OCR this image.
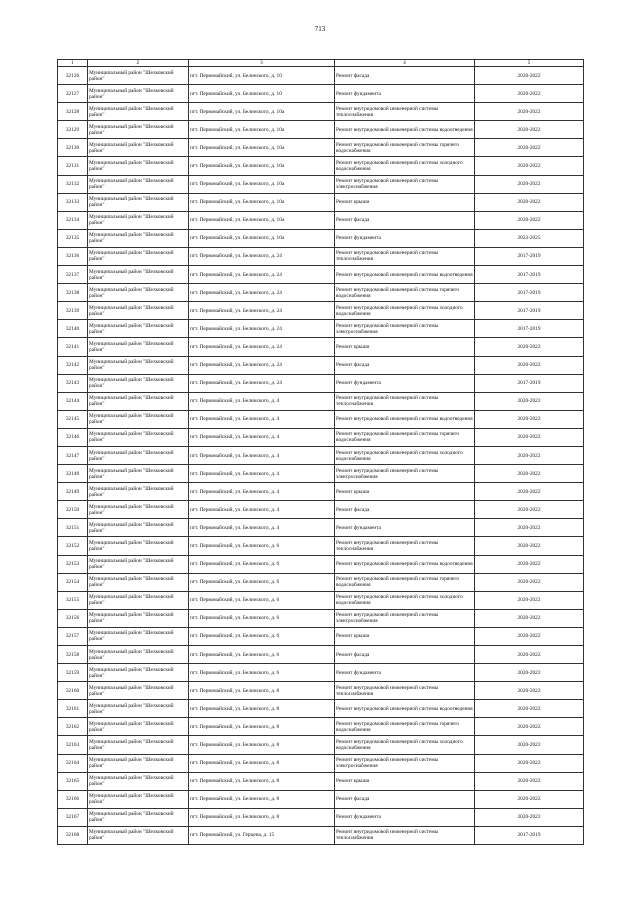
713
1	2	3	4	5
32126	Муниципальный район "Шелковский район"	пгт. Первомайский, ул. Белинского, д. 10	Ремонт фасада	2020-2022
32127	Муниципальный район "Шелковский район"	пгт. Первомайский, ул. Белинского, д. 10	Ремонт фундамента	2020-2022
32128	Муниципальный район "Шелковский район"	пгт. Первомайский, ул. Белинского, д. 10а	Ремонт внутридомовой инженерной системы теплоснабжения	2020-2022
32129	Муниципальный район "Шелковский район"	пгт. Первомайский, ул. Белинского, д. 10а	Ремонт внутридомовой инженерной системы водоотведения	2020-2022
32130	Муниципальный район "Шелковский район"	пгт. Первомайский, ул. Белинского, д. 10а	Ремонт внутридомовой инженерной системы горячего водоснабжения	2020-2022
32131	Муниципальный район "Шелковский район"	пгт. Первомайский, ул. Белинского, д. 10а	Ремонт внутридомовой инженерной системы холодного водоснабжения	2020-2022
32132	Муниципальный район "Шелковский район"	пгт. Первомайский, ул. Белинского, д. 10а	Ремонт внутридомовой инженерной системы электроснабжения	2020-2022
32133	Муниципальный район "Шелковский район"	пгт. Первомайский, ул. Белинского, д. 10а	Ремонт крыши	2020-2022
32134	Муниципальный район "Шелковский район"	пгт. Первомайский, ул. Белинского, д. 10а	Ремонт фасада	2020-2022
32135	Муниципальный район "Шелковский район"	пгт. Первомайский, ул. Белинского, д. 10а	Ремонт фундамента	2023-2025
32136	Муниципальный район "Шелковский район"	пгт. Первомайский, ул. Белинского, д. 24	Ремонт внутридомовой инженерной системы теплоснабжения	2017-2019
32137	Муниципальный район "Шелковский район"	пгт. Первомайский, ул. Белинского, д. 24	Ремонт внутридомовой инженерной системы водоотведения	2017-2019
32138	Муниципальный район "Шелковский район"	пгт. Первомайский, ул. Белинского, д. 24	Ремонт внутридомовой инженерной системы горячего водоснабжения	2017-2019
32139	Муниципальный район "Шелковский район"	пгт. Первомайский, ул. Белинского, д. 24	Ремонт внутридомовой инженерной системы холодного водоснабжения	2017-2019
32140	Муниципальный район "Шелковский район"	пгт. Первомайский, ул. Белинского, д. 24	Ремонт внутридомовой инженерной системы электроснабжения	2017-2019
32141	Муниципальный район "Шелковский район"	пгт. Первомайский, ул. Белинского, д. 24	Ремонт крыши	2020-2022
32142	Муниципальный район "Шелковский район"	пгт. Первомайский, ул. Белинского, д. 24	Ремонт фасада	2020-2022
32143	Муниципальный район "Шелковский район"	пгт. Первомайский, ул. Белинского, д. 24	Ремонт фундамента	2017-2019
32144	Муниципальный район "Шелковский район"	пгт. Первомайский, ул. Белинского, д. 4	Ремонт внутридомовой инженерной системы теплоснабжения	2020-2022
32145	Муниципальный район "Шелковский район"	пгт. Первомайский, ул. Белинского, д. 4	Ремонт внутридомовой инженерной системы водоотведения	2020-2022
32146	Муниципальный район "Шелковский район"	пгт. Первомайский, ул. Белинского, д. 4	Ремонт внутридомовой инженерной системы горячего водоснабжения	2020-2022
32147	Муниципальный район "Шелковский район"	пгт. Первомайский, ул. Белинского, д. 4	Ремонт внутридомовой инженерной системы холодного водоснабжения	2020-2022
32148	Муниципальный район "Шелковский район"	пгт. Первомайский, ул. Белинского, д. 4	Ремонт внутридомовой инженерной системы электроснабжения	2020-2022
32149	Муниципальный район "Шелковский район"	пгт. Первомайский, ул. Белинского, д. 4	Ремонт крыши	2020-2022
32150	Муниципальный район "Шелковский район"	пгт. Первомайский, ул. Белинского, д. 4	Ремонт фасада	2020-2022
32151	Муниципальный район "Шелковский район"	пгт. Первомайский, ул. Белинского, д. 4	Ремонт фундамента	2020-2022
32152	Муниципальный район "Шелковский район"	пгт. Первомайский, ул. Белинского, д. 6	Ремонт внутридомовой инженерной системы теплоснабжения	2020-2022
32153	Муниципальный район "Шелковский район"	пгт. Первомайский, ул. Белинского, д. 6	Ремонт внутридомовой инженерной системы водоотведения	2020-2022
32154	Муниципальный район "Шелковский район"	пгт. Первомайский, ул. Белинского, д. 6	Ремонт внутридомовой инженерной системы горячего водоснабжения	2020-2022
32155	Муниципальный район "Шелковский район"	пгт. Первомайский, ул. Белинского, д. 6	Ремонт внутридомовой инженерной системы холодного водоснабжения	2020-2022
32156	Муниципальный район "Шелковский район"	пгт. Первомайский, ул. Белинского, д. 6	Ремонт внутридомовой инженерной системы электроснабжения	2020-2022
32157	Муниципальный район "Шелковский район"	пгт. Первомайский, ул. Белинского, д. 6	Ремонт крыши	2020-2022
32158	Муниципальный район "Шелковский район"	пгт. Первомайский, ул. Белинского, д. 6	Ремонт фасада	2020-2022
32159	Муниципальный район "Шелковский район"	пгт. Первомайский, ул. Белинского, д. 6	Ремонт фундамента	2020-2022
32160	Муниципальный район "Шелковский район"	пгт. Первомайский, ул. Белинского, д. 8	Ремонт внутридомовой инженерной системы теплоснабжения	2020-2022
32161	Муниципальный район "Шелковский район"	пгт. Первомайский, ул. Белинского, д. 8	Ремонт внутридомовой инженерной системы водоотведения	2020-2022
32162	Муниципальный район "Шелковский район"	пгт. Первомайский, ул. Белинского, д. 8	Ремонт внутридомовой инженерной системы горячего водоснабжения	2020-2022
32163	Муниципальный район "Шелковский район"	пгт. Первомайский, ул. Белинского, д. 8	Ремонт внутридомовой инженерной системы холодного водоснабжения	2020-2022
32164	Муниципальный район "Шелковский район"	пгт. Первомайский, ул. Белинского, д. 8	Ремонт внутридомовой инженерной системы электроснабжения	2020-2022
32165	Муниципальный район "Шелковский район"	пгт. Первомайский, ул. Белинского, д. 8	Ремонт крыши	2020-2022
32166	Муниципальный район "Шелковский район"	пгт. Первомайский, ул. Белинского, д. 8	Ремонт фасада	2020-2022
32167	Муниципальный район "Шелковский район"	пгт. Первомайский, ул. Белинского, д. 8	Ремонт фундамента	2020-2022
32168	Муниципальный район "Шелковский район"	пгт. Первомайский, ул. Герцена, д. 15	Ремонт внутридомовой инженерной системы теплоснабжения	2017-2019
